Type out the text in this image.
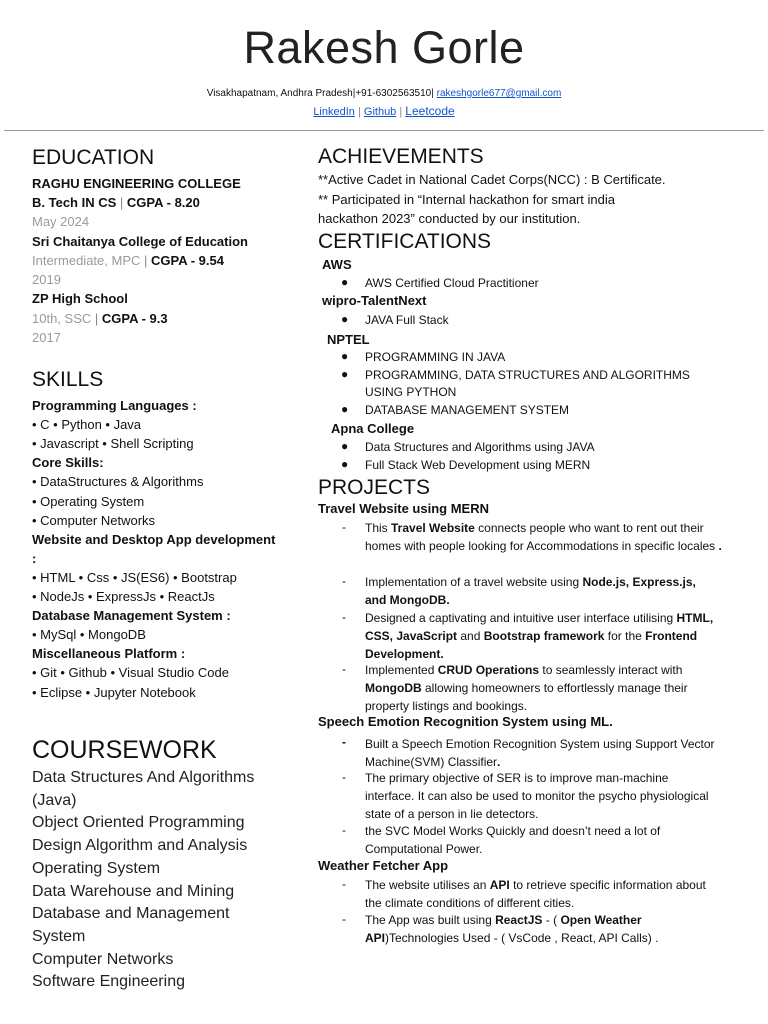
Rakesh Gorle
Visakhapatnam, Andhra Pradesh|+91-6302563510| rakeshgorle677@gmail.com
LinkedIn | Github | Leetcode
EDUCATION
RAGHU ENGINEERING COLLEGE
B. Tech IN CS | CGPA - 8.20
May 2024
Sri Chaitanya College of Education
Intermediate, MPC | CGPA - 9.54
2019
ZP High School
10th, SSC | CGPA - 9.3
2017
SKILLS
Programming Languages :
• C • Python • Java
• Javascript • Shell Scripting
Core Skills:
• DataStructures & Algorithms
• Operating System
• Computer Networks
Website and Desktop App development
:
• HTML • Css • JS(ES6) • Bootstrap
• NodeJs • ExpressJs • ReactJs
Database Management System :
• MySql • MongoDB
Miscellaneous Platform :
• Git • Github • Visual Studio Code
• Eclipse • Jupyter Notebook
COURSEWORK
Data Structures And Algorithms
(Java)
Object Oriented Programming
Design Algorithm and Analysis
Operating System
Data Warehouse and Mining
Database and Management
System
Computer Networks
Software Engineering
ACHIEVEMENTS
**Active Cadet in National Cadet Corps(NCC) : B Certificate.
** Participated in “Internal hackathon for smart india
hackathon 2023” conducted by our institution.
CERTIFICATIONS
AWS
● AWS Certified Cloud Practitioner
wipro-TalentNext
● JAVA Full Stack
NPTEL
● PROGRAMMING IN JAVA
● PROGRAMMING, DATA STRUCTURES AND ALGORITHMS
USING PYTHON
● DATABASE MANAGEMENT SYSTEM
Apna College
● Data Structures and Algorithms using JAVA
● Full Stack Web Development using MERN
PROJECTS
Travel Website using MERN
- This Travel Website connects people who want to rent out their homes with people looking for Accommodations in specific locales .
- Implementation of a travel website using Node.js, Express.js, and MongoDB.
- Designed a captivating and intuitive user interface utilising HTML, CSS, JavaScript and Bootstrap framework for the Frontend Development.
- Implemented CRUD Operations to seamlessly interact with MongoDB allowing homeowners to effortlessly manage their property listings and bookings.
Speech Emotion Recognition System using ML.
- Built a Speech Emotion Recognition System using Support Vector Machine(SVM) Classifier.
- The primary objective of SER is to improve man-machine interface. It can also be used to monitor the psycho physiological state of a person in lie detectors.
- the SVC Model Works Quickly and doesn’t need a lot of Computational Power.
Weather Fetcher App
- The website utilises an API to retrieve specific information about the climate conditions of different cities.
- The App was built using ReactJS - ( Open Weather API)Technologies Used - ( VsCode , React, API Calls) .
